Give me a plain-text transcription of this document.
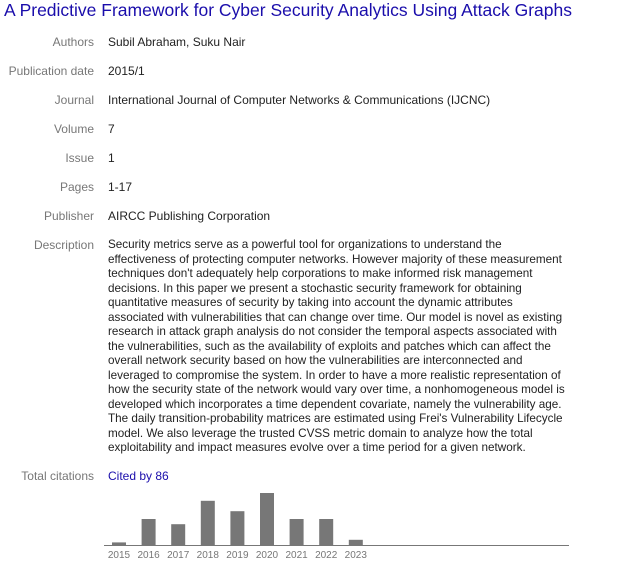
A Predictive Framework for Cyber Security Analytics Using Attack Graphs
Authors Subil Abraham, Suku Nair
Publication date 2015/1
Journal International Journal of Computer Networks & Communications (IJCNC)
Volume 7
Issue 1
Pages 1-17
Publisher AIRCC Publishing Corporation
Description Security metrics serve as a powerful tool for organizations to understand the
effectiveness of protecting computer networks. However majority of these measurement
techniques don't adequately help corporations to make informed risk management
decisions. In this paper we present a stochastic security framework for obtaining
quantitative measures of security by taking into account the dynamic attributes
associated with vulnerabilities that can change over time. Our model is novel as existing
research in attack graph analysis do not consider the temporal aspects associated with
the vulnerabilities, such as the availability of exploits and patches which can affect the
overall network security based on how the vulnerabilities are interconnected and
leveraged to compromise the system. In order to have a more realistic representation of
how the security state of the network would vary over time, a nonhomogeneous model is
developed which incorporates a time dependent covariate, namely the vulnerability age.
The daily transition-probability matrices are estimated using Frei's Vulnerability Lifecycle
model. We also leverage the trusted CVSS metric domain to analyze how the total
exploitability and impact measures evolve over a time period for a given network.
Total citations Cited by 86
2015 2016 2017 2018 2019 2020 2021 2022 2023
